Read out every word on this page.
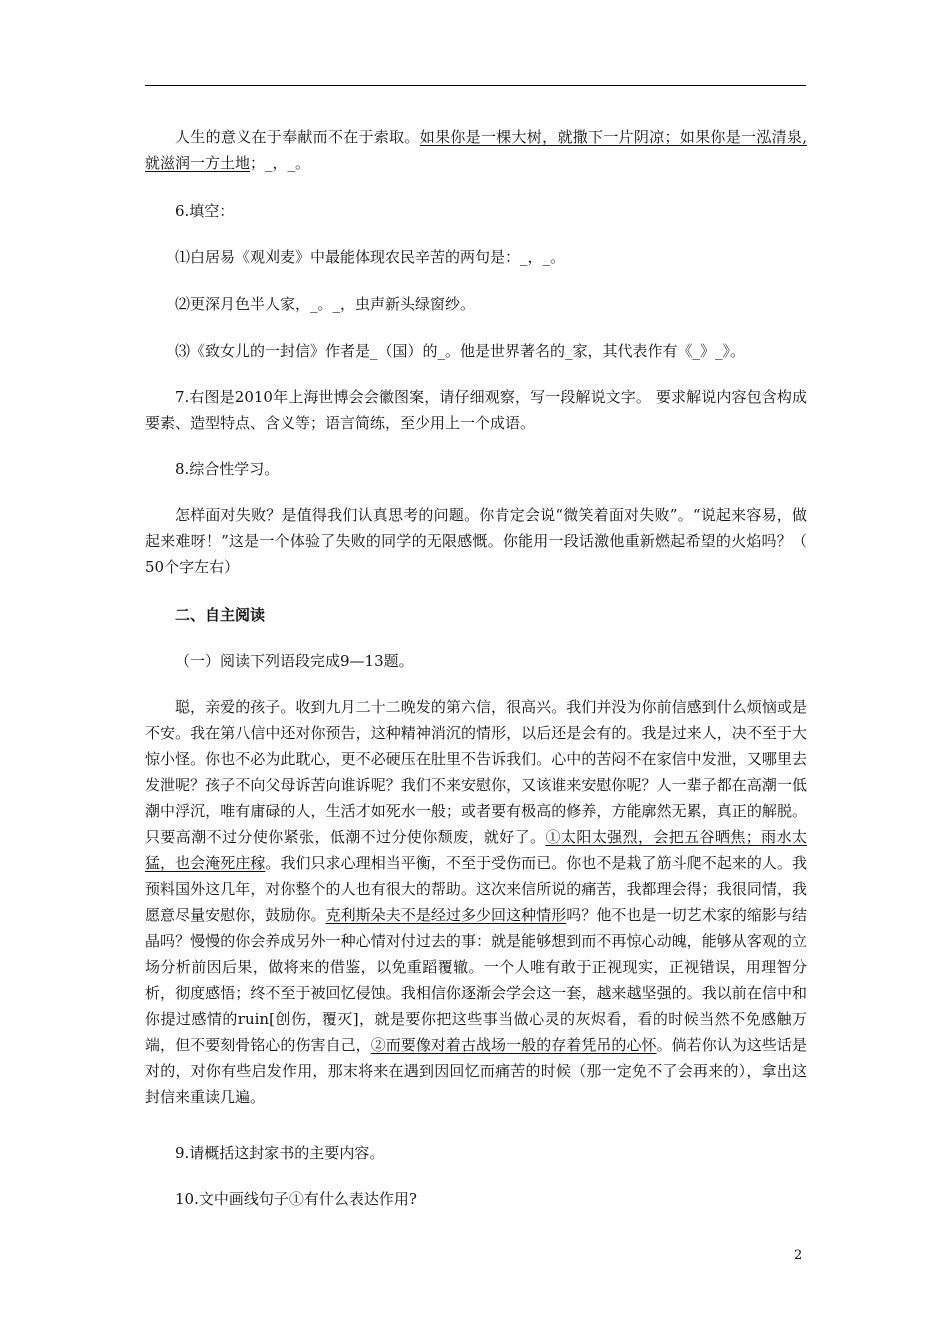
人生的意义在于奉献而不在于索取。如果你是一棵大树，就撒下一片阴凉；如果你是一泓清泉,就滋润一方土地；_，_。

6.填空：

⑴白居易《观刈麦》中最能体现农民辛苦的两句是：_，_。

⑵更深月色半人家，_。_，虫声新头绿窗纱。

⑶《致女儿的一封信》作者是_（国）的_。他是世界著名的_家，其代表作有《_》_》。

7.右图是2010年上海世博会会徽图案，请仔细观察，写一段解说文字。 要求解说内容包含构成要素、造型特点、含义等；语言简练，至少用上一个成语。

8.综合性学习。

怎样面对失败？是值得我们认真思考的问题。你肯定会说“微笑着面对失败”。“说起来容易，做起来难呀！”这是一个体验了失败的同学的无限感慨。你能用一段话激他重新燃起希望的火焰吗？（ 50个字左右）

二、自主阅读

（一）阅读下列语段完成9—13题。

聪，亲爱的孩子。收到九月二十二晚发的第六信，很高兴。我们并没为你前信感到什么烦恼或是不安。我在第八信中还对你预告，这种精神消沉的情形，以后还是会有的。我是过来人，决不至于大惊小怪。你也不必为此耽心，更不必硬压在肚里不告诉我们。心中的苦闷不在家信中发泄，又哪里去发泄呢？孩子不向父母诉苦向谁诉呢？我们不来安慰你，又该谁来安慰你呢？人一辈子都在高潮一低潮中浮沉，唯有庸碌的人，生活才如死水一般；或者要有极高的修养，方能廓然无累，真正的解脱。只要高潮不过分使你紧张，低潮不过分使你颓废，就好了。①太阳太强烈，会把五谷晒焦；雨水太猛，也会淹死庄稼。我们只求心理相当平衡，不至于受伤而已。你也不是栽了筋斗爬不起来的人。我预料国外这几年，对你整个的人也有很大的帮助。这次来信所说的痛苦，我都理会得；我很同情，我愿意尽量安慰你，鼓励你。克利斯朵夫不是经过多少回这种情形吗？他不也是一切艺术家的缩影与结晶吗？慢慢的你会养成另外一种心情对付过去的事：就是能够想到而不再惊心动魄，能够从客观的立场分析前因后果，做将来的借鉴，以免重蹈覆辙。一个人唯有敢于正视现实，正视错误，用理智分析，彻度感悟；终不至于被回忆侵蚀。我相信你逐渐会学会这一套，越来越坚强的。我以前在信中和你提过感情的ruin[创伤，覆灭]，就是要你把这些事当做心灵的灰烬看，看的时候当然不免感触万端，但不要刻骨铭心的伤害自己，②而要像对着古战场一般的存着凭吊的心怀。倘若你认为这些话是对的，对你有些启发作用，那末将来在遇到因回忆而痛苦的时候（那一定免不了会再来的），拿出这封信来重读几遍。

9.请概括这封家书的主要内容。

10.文中画线句子①有什么表达作用?

2
